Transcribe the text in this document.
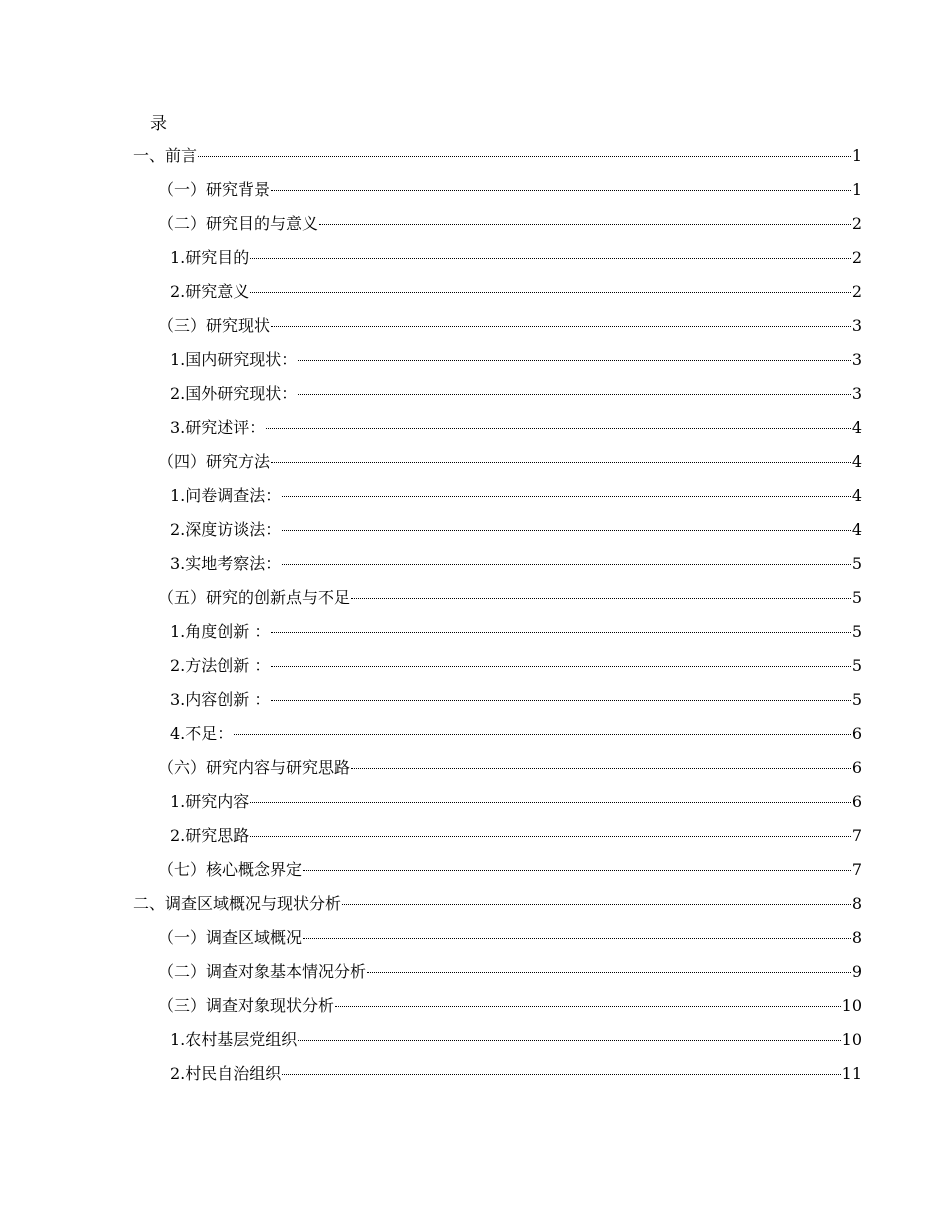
录
一、前言	1
（一）研究背景	1
（二）研究目的与意义	2
1.研究目的	2
2.研究意义	2
（三）研究现状	3
1.国内研究现状：	3
2.国外研究现状：	3
3.研究述评：	4
（四）研究方法	4
1.问卷调查法：	4
2.深度访谈法：	4
3.实地考察法：	5
（五）研究的创新点与不足	5
1.角度创新 ：	5
2.方法创新 ：	5
3.内容创新 ：	5
4.不足：	6
（六）研究内容与研究思路	6
1.研究内容	6
2.研究思路	7
（七）核心概念界定	7
二、调查区域概况与现状分析	8
（一）调查区域概况	8
（二）调查对象基本情况分析	9
（三）调查对象现状分析	10
1.农村基层党组织	10
2.村民自治组织	11
